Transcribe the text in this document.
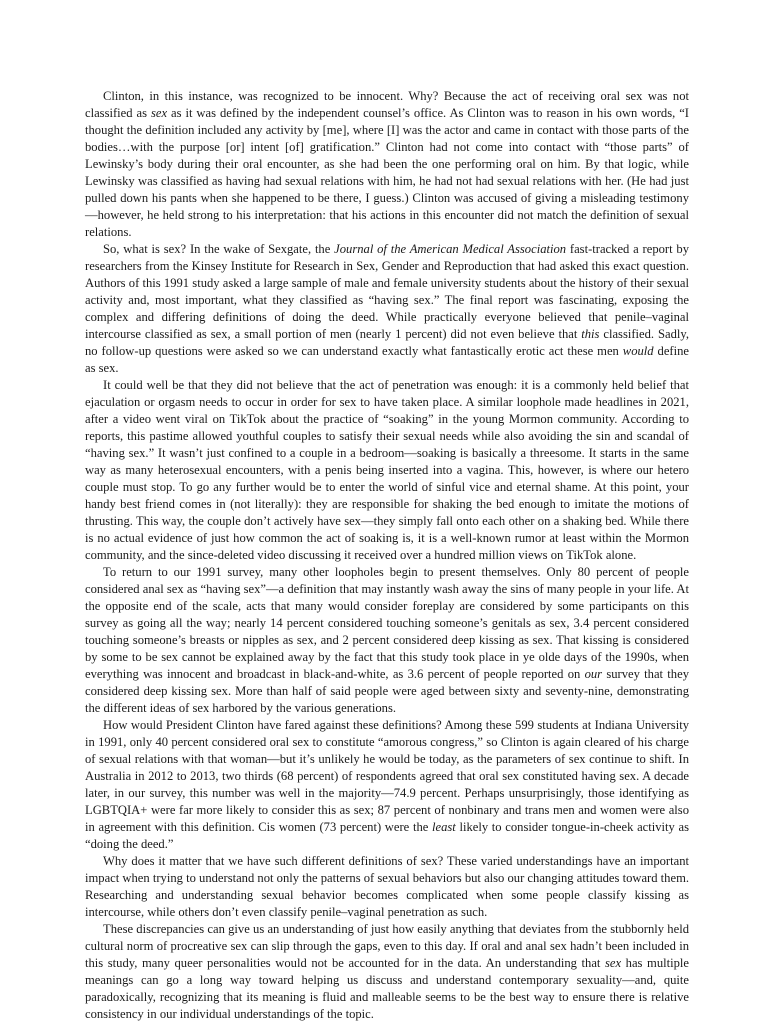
Clinton, in this instance, was recognized to be innocent. Why? Because the act of receiving oral sex was not classified as sex as it was defined by the independent counsel’s office. As Clinton was to reason in his own words, “I thought the definition included any activity by [me], where [I] was the actor and came in contact with those parts of the bodies…with the purpose [or] intent [of] gratification.” Clinton had not come into contact with “those parts” of Lewinsky’s body during their oral encounter, as she had been the one performing oral on him. By that logic, while Lewinsky was classified as having had sexual relations with him, he had not had sexual relations with her. (He had just pulled down his pants when she happened to be there, I guess.) Clinton was accused of giving a misleading testimony—however, he held strong to his interpretation: that his actions in this encounter did not match the definition of sexual relations.

So, what is sex? In the wake of Sexgate, the Journal of the American Medical Association fast-tracked a report by researchers from the Kinsey Institute for Research in Sex, Gender and Reproduction that had asked this exact question. Authors of this 1991 study asked a large sample of male and female university students about the history of their sexual activity and, most important, what they classified as “having sex.” The final report was fascinating, exposing the complex and differing definitions of doing the deed. While practically everyone believed that penile–vaginal intercourse classified as sex, a small portion of men (nearly 1 percent) did not even believe that this classified. Sadly, no follow-up questions were asked so we can understand exactly what fantastically erotic act these men would define as sex.

It could well be that they did not believe that the act of penetration was enough: it is a commonly held belief that ejaculation or orgasm needs to occur in order for sex to have taken place. A similar loophole made headlines in 2021, after a video went viral on TikTok about the practice of “soaking” in the young Mormon community. According to reports, this pastime allowed youthful couples to satisfy their sexual needs while also avoiding the sin and scandal of “having sex.” It wasn’t just confined to a couple in a bedroom—soaking is basically a threesome. It starts in the same way as many heterosexual encounters, with a penis being inserted into a vagina. This, however, is where our hetero couple must stop. To go any further would be to enter the world of sinful vice and eternal shame. At this point, your handy best friend comes in (not literally): they are responsible for shaking the bed enough to imitate the motions of thrusting. This way, the couple don’t actively have sex—they simply fall onto each other on a shaking bed. While there is no actual evidence of just how common the act of soaking is, it is a well-known rumor at least within the Mormon community, and the since-deleted video discussing it received over a hundred million views on TikTok alone.

To return to our 1991 survey, many other loopholes begin to present themselves. Only 80 percent of people considered anal sex as “having sex”—a definition that may instantly wash away the sins of many people in your life. At the opposite end of the scale, acts that many would consider foreplay are considered by some participants on this survey as going all the way; nearly 14 percent considered touching someone’s genitals as sex, 3.4 percent considered touching someone’s breasts or nipples as sex, and 2 percent considered deep kissing as sex. That kissing is considered by some to be sex cannot be explained away by the fact that this study took place in ye olde days of the 1990s, when everything was innocent and broadcast in black-and-white, as 3.6 percent of people reported on our survey that they considered deep kissing sex. More than half of said people were aged between sixty and seventy-nine, demonstrating the different ideas of sex harbored by the various generations.

How would President Clinton have fared against these definitions? Among these 599 students at Indiana University in 1991, only 40 percent considered oral sex to constitute “amorous congress,” so Clinton is again cleared of his charge of sexual relations with that woman—but it’s unlikely he would be today, as the parameters of sex continue to shift. In Australia in 2012 to 2013, two thirds (68 percent) of respondents agreed that oral sex constituted having sex. A decade later, in our survey, this number was well in the majority—74.9 percent. Perhaps unsurprisingly, those identifying as LGBTQIA+ were far more likely to consider this as sex; 87 percent of nonbinary and trans men and women were also in agreement with this definition. Cis women (73 percent) were the least likely to consider tongue-in-cheek activity as “doing the deed.”

Why does it matter that we have such different definitions of sex? These varied understandings have an important impact when trying to understand not only the patterns of sexual behaviors but also our changing attitudes toward them. Researching and understanding sexual behavior becomes complicated when some people classify kissing as intercourse, while others don’t even classify penile–vaginal penetration as such.

These discrepancies can give us an understanding of just how easily anything that deviates from the stubbornly held cultural norm of procreative sex can slip through the gaps, even to this day. If oral and anal sex hadn’t been included in this study, many queer personalities would not be accounted for in the data. An understanding that sex has multiple meanings can go a long way toward helping us discuss and understand contemporary sexuality—and, quite paradoxically, recognizing that its meaning is fluid and malleable seems to be the best way to ensure there is relative consistency in our individual understandings of the topic.
